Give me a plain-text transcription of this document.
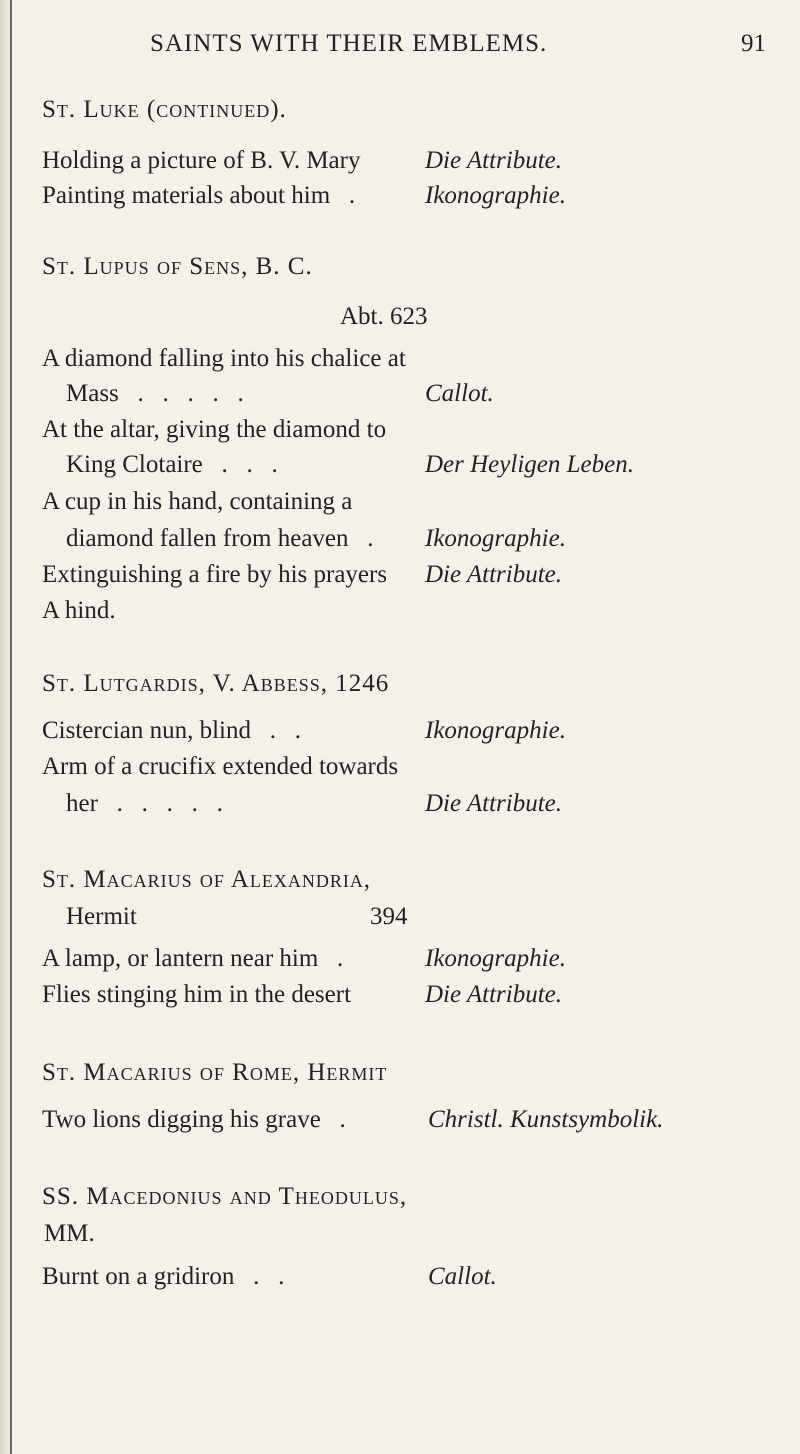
SAINTS WITH THEIR EMBLEMS.	91
St. Luke (continued).
Holding a picture of B. V. Mary	Die Attribute.
Painting materials about him   .	Ikonographie.
St. Lupus of Sens, B. C.
Abt. 623
A diamond falling into his chalice at
Mass   .   .   .   .   .	Callot.
At the altar, giving the diamond to
King Clotaire   .   .   .	Der Heyligen Leben.
A cup in his hand, containing a
diamond fallen from heaven   . Ikonographie.
Extinguishing a fire by his prayers Die Attribute.
A hind.
St. Lutgardis, V. Abbess, 1246
Cistercian nun, blind   .   .	Ikonographie.
Arm of a crucifix extended towards
her   .   .   .   .   .	Die Attribute.
St. Macarius of Alexandria,
Hermit	394
A lamp, or lantern near him   .	Ikonographie.
Flies stinging him in the desert	Die Attribute.
St. Macarius of Rome, Hermit
Two lions digging his grave   .	Christl. Kunstsymbolik.
SS. Macedonius and Theodulus,
MM.
Burnt on a gridiron   .   .	Callot.
